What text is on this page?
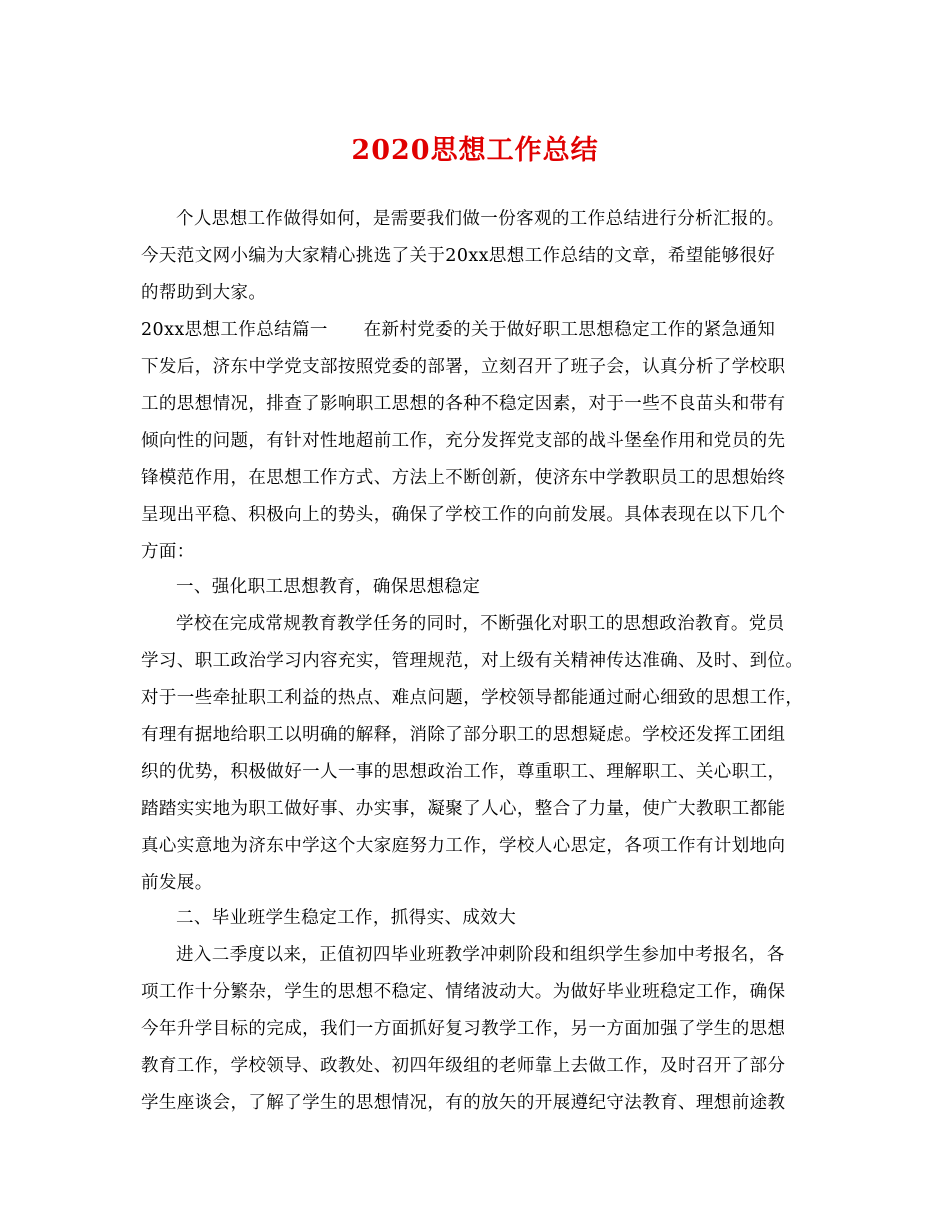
2020思想工作总结
个人思想工作做得如何，是需要我们做一份客观的工作总结进行分析汇报的。
今天范文网小编为大家精心挑选了关于20xx思想工作总结的文章，希望能够很好
的帮助到大家。
20xx思想工作总结篇一　　在新村党委的关于做好职工思想稳定工作的紧急通知
下发后，济东中学党支部按照党委的部署，立刻召开了班子会，认真分析了学校职
工的思想情况，排查了影响职工思想的各种不稳定因素，对于一些不良苗头和带有
倾向性的问题，有针对性地超前工作，充分发挥党支部的战斗堡垒作用和党员的先
锋模范作用，在思想工作方式、方法上不断创新，使济东中学教职员工的思想始终
呈现出平稳、积极向上的势头，确保了学校工作的向前发展。具体表现在以下几个
方面：
一、强化职工思想教育，确保思想稳定
学校在完成常规教育教学任务的同时，不断强化对职工的思想政治教育。党员
学习、职工政治学习内容充实，管理规范，对上级有关精神传达准确、及时、到位。
对于一些牵扯职工利益的热点、难点问题，学校领导都能通过耐心细致的思想工作，
有理有据地给职工以明确的解释，消除了部分职工的思想疑虑。学校还发挥工团组
织的优势，积极做好一人一事的思想政治工作，尊重职工、理解职工、关心职工，
踏踏实实地为职工做好事、办实事，凝聚了人心，整合了力量，使广大教职工都能
真心实意地为济东中学这个大家庭努力工作，学校人心思定，各项工作有计划地向
前发展。
二、毕业班学生稳定工作，抓得实、成效大
进入二季度以来，正值初四毕业班教学冲刺阶段和组织学生参加中考报名，各
项工作十分繁杂，学生的思想不稳定、情绪波动大。为做好毕业班稳定工作，确保
今年升学目标的完成，我们一方面抓好复习教学工作，另一方面加强了学生的思想
教育工作，学校领导、政教处、初四年级组的老师靠上去做工作，及时召开了部分
学生座谈会，了解了学生的思想情况，有的放矢的开展遵纪守法教育、理想前途教
